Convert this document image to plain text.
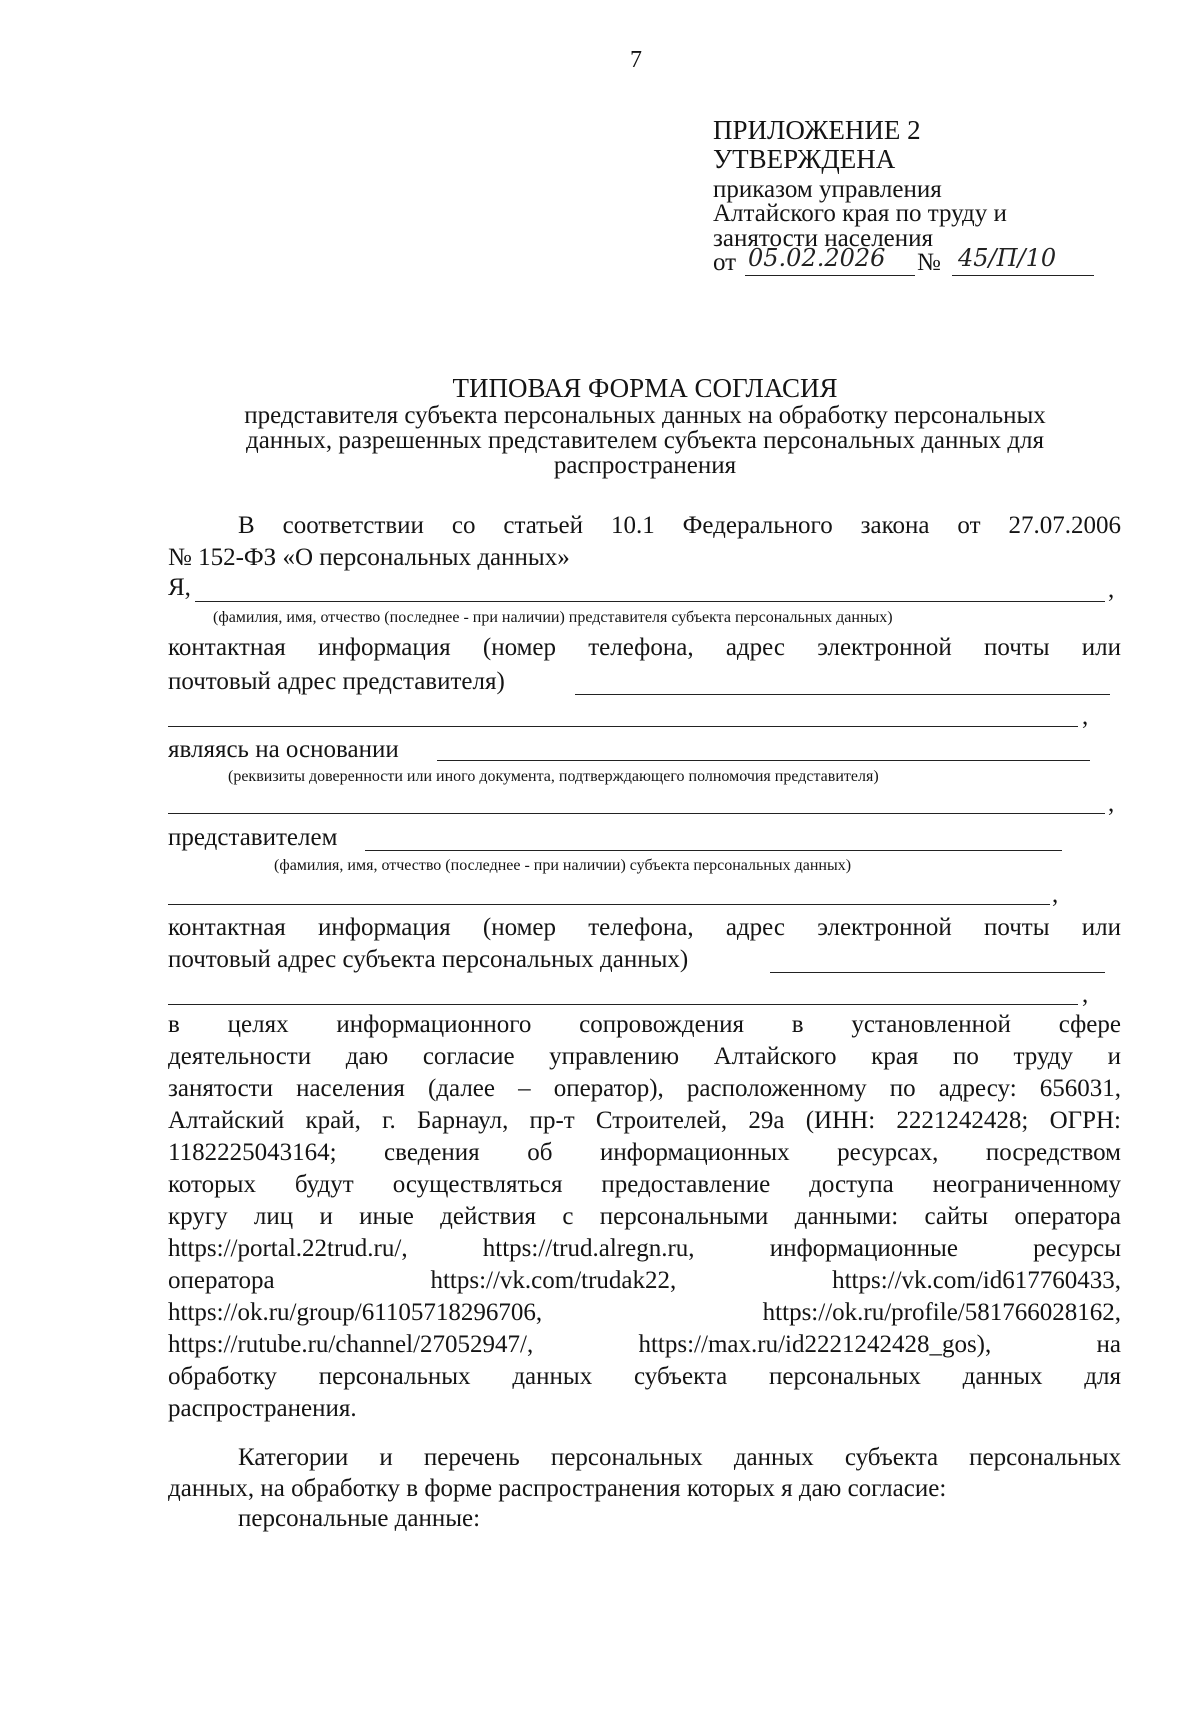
7
ПРИЛОЖЕНИЕ 2
УТВЕРЖДЕНА
приказом управления
Алтайского края по труду и
занятости населения
от 05.02.2026 № 45/П/10
ТИПОВАЯ ФОРМА СОГЛАСИЯ
представителя субъекта персональных данных на обработку персональных
данных, разрешенных представителем субъекта персональных данных для
распространения
В соответствии со статьей 10.1 Федерального закона от 27.07.2006
№ 152-ФЗ «О персональных данных»
Я,	,
(фамилия, имя, отчество (последнее - при наличии) представителя субъекта персональных данных)
контактная информация (номер телефона, адрес электронной почты или
почтовый адрес представителя)
,
являясь на основании
(реквизиты доверенности или иного документа, подтверждающего полномочия представителя)
,
представителем
(фамилия, имя, отчество (последнее - при наличии) субъекта персональных данных)
,
контактная информация (номер телефона, адрес электронной почты или
почтовый адрес субъекта персональных данных)
,
в целях информационного сопровождения в установленной сфере
деятельности даю согласие управлению Алтайского края по труду и
занятости населения (далее – оператор), расположенному по адресу: 656031,
Алтайский край, г. Барнаул, пр-т Строителей, 29а (ИНН: 2221242428; ОГРН:
1182225043164; сведения об информационных ресурсах, посредством
которых будут осуществляться предоставление доступа неограниченному
кругу лиц и иные действия с персональными данными: сайты оператора
https://portal.22trud.ru/, https://trud.alregn.ru, информационные ресурсы
оператора https://vk.com/trudak22, https://vk.com/id617760433,
https://ok.ru/group/61105718296706, https://ok.ru/profile/581766028162,
https://rutube.ru/channel/27052947/, https://max.ru/id2221242428_gos), на
обработку персональных данных субъекта персональных данных для
распространения.
Категории и перечень персональных данных субъекта персональных
данных, на обработку в форме распространения которых я даю согласие:
персональные данные:
